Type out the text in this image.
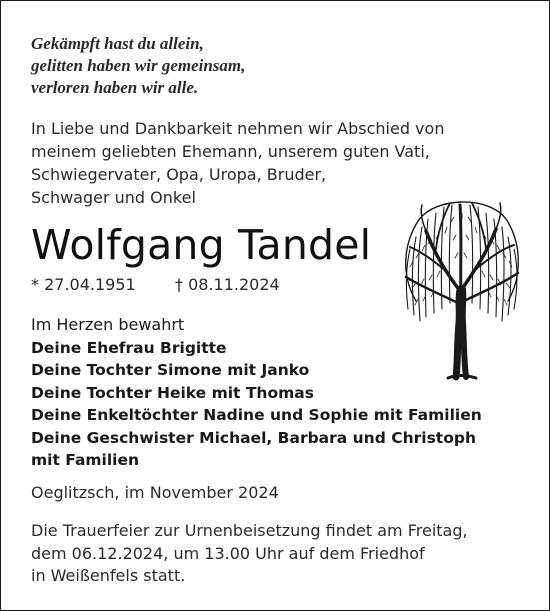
Gekämpft hast du allein,
gelitten haben wir gemeinsam,
verloren haben wir alle.
In Liebe und Dankbarkeit nehmen wir Abschied von
meinem geliebten Ehemann, unserem guten Vati,
Schwiegervater, Opa, Uropa, Bruder,
Schwager und Onkel
Wolfgang Tandel
* 27.04.1951 † 08.11.2024
Im Herzen bewahrt
Deine Ehefrau Brigitte
Deine Tochter Simone mit Janko
Deine Tochter Heike mit Thomas
Deine Enkeltöchter Nadine und Sophie mit Familien
Deine Geschwister Michael, Barbara und Christoph
mit Familien
Oeglitzsch, im November 2024
Die Trauerfeier zur Urnenbeisetzung findet am Freitag,
dem 06.12.2024, um 13.00 Uhr auf dem Friedhof
in Weißenfels statt.
